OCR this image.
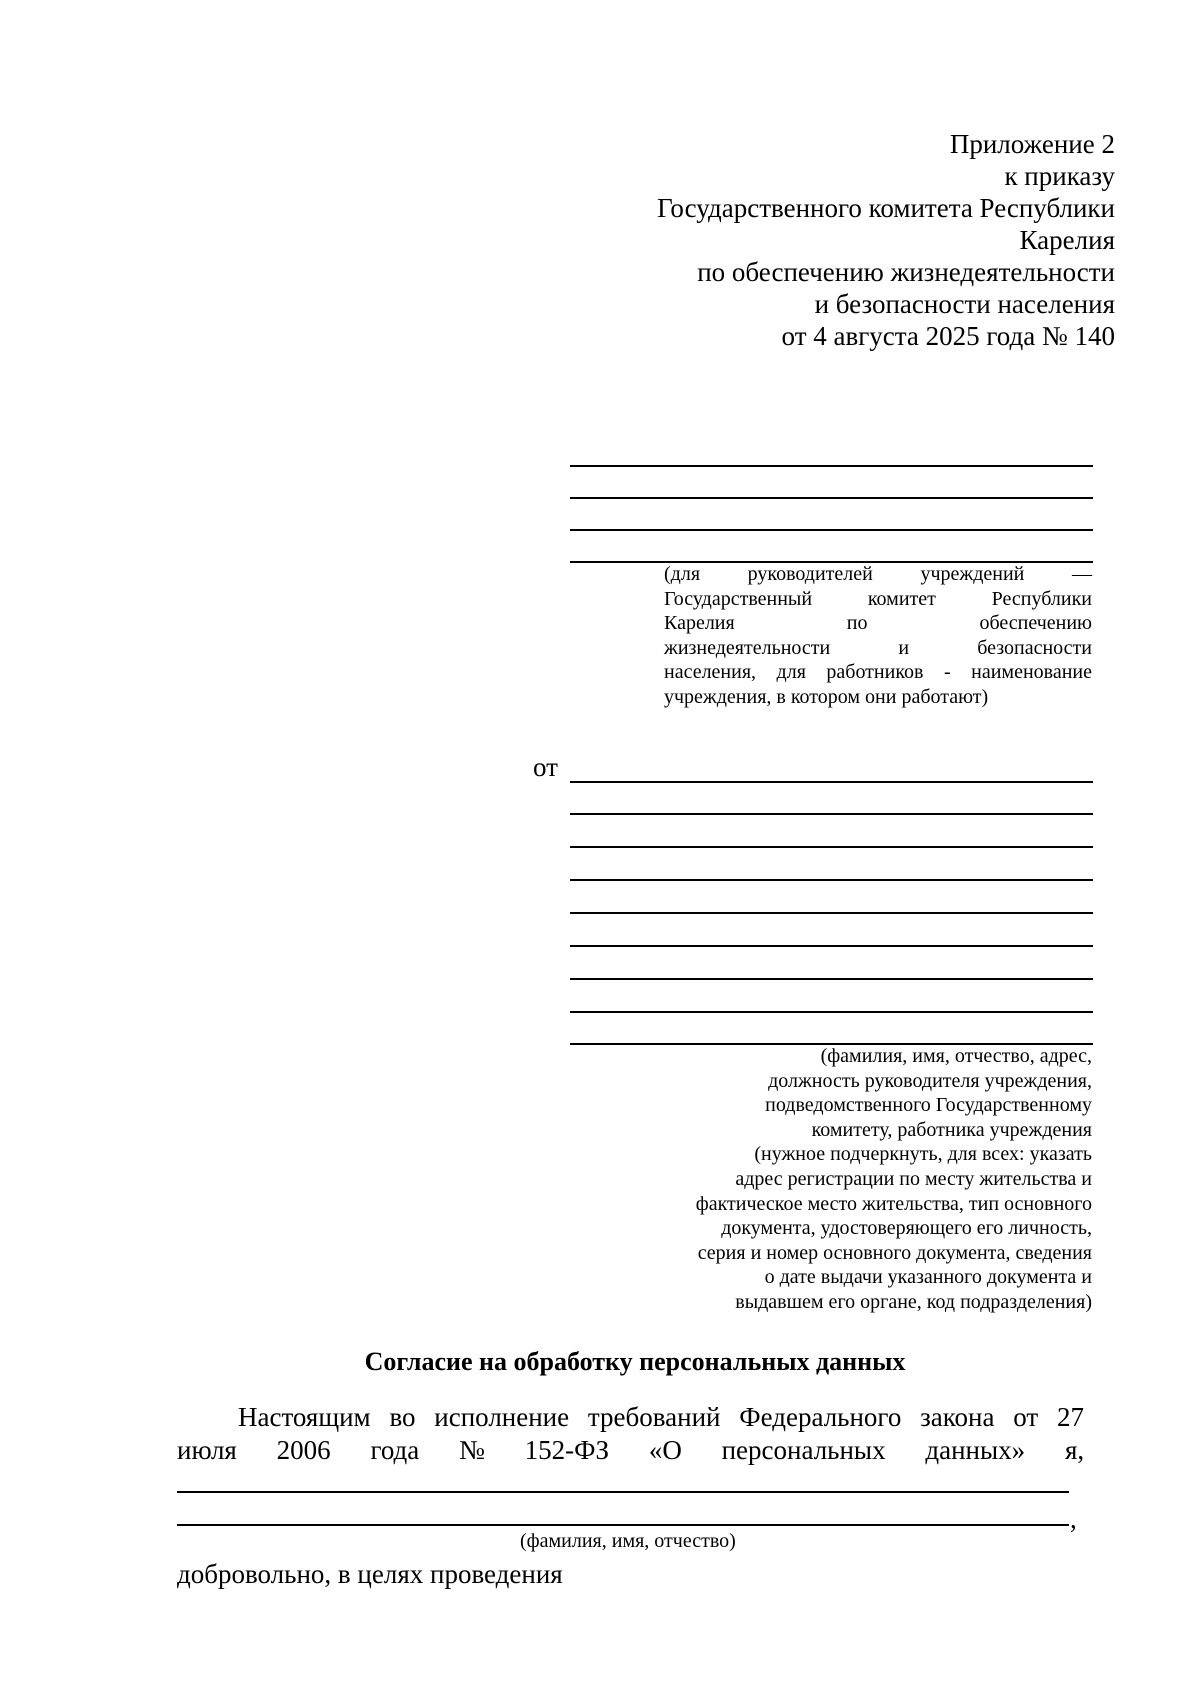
Приложение 2
к приказу
Государственного комитета Республики
Карелия
по обеспечению жизнедеятельности
и безопасности населения
от 4 августа 2025 года № 140
(для руководителей учреждений —
Государственный комитет Республики
Карелия по обеспечению
жизнедеятельности и безопасности
населения, для работников - наименование
учреждения, в котором они работают)
от
(фамилия, имя, отчество, адрес,
должность руководителя учреждения,
подведомственного Государственному
комитету, работника учреждения
(нужное подчеркнуть, для всех: указать
адрес регистрации по месту жительства и
фактическое место жительства, тип основного
документа, удостоверяющего его личность,
серия и номер основного документа, сведения
о дате выдачи указанного документа и
выдавшем его органе, код подразделения)
Согласие на обработку персональных данных
Настоящим во исполнение требований Федерального закона от 27
июля 2006 года № 152-ФЗ «О персональных данных» я,
,
(фамилия, имя, отчество)
добровольно, в целях проведения
